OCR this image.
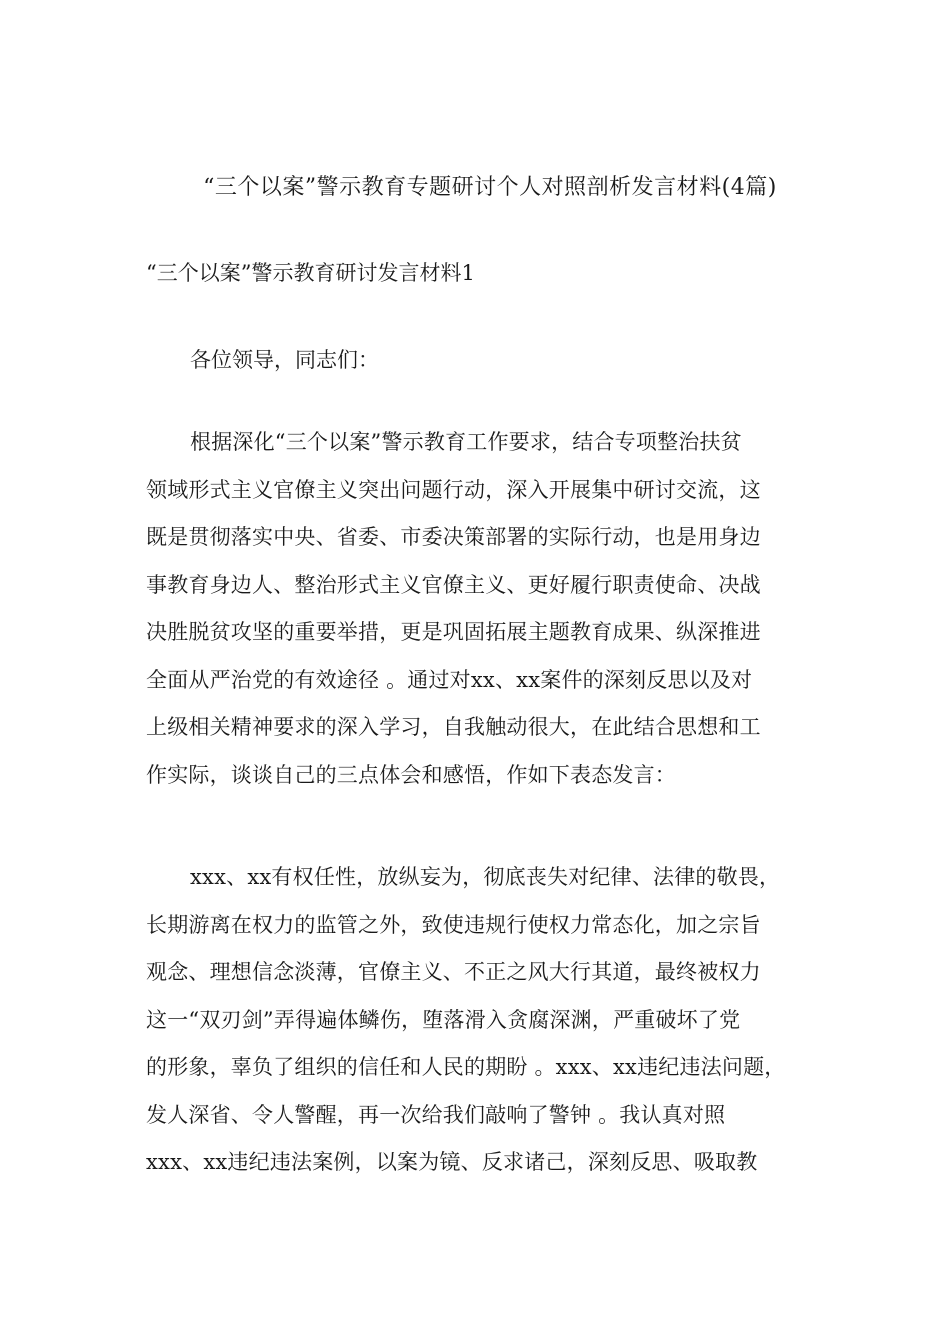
“三个以案”警示教育专题研讨个人对照剖析发言材料(4篇)
“三个以案”警示教育研讨发言材料1

各位领导，同志们：

根据深化“三个以案”警示教育工作要求，结合专项整治扶贫
领域形式主义官僚主义突出问题行动，深入开展集中研讨交流，这
既是贯彻落实中央、省委、市委决策部署的实际行动，也是用身边
事教育身边人、整治形式主义官僚主义、更好履行职责使命、决战
决胜脱贫攻坚的重要举措，更是巩固拓展主题教育成果、纵深推进
全面从严治党的有效途径 。通过对xx、xx案件的深刻反思以及对
上级相关精神要求的深入学习，自我触动很大，在此结合思想和工
作实际，谈谈自己的三点体会和感悟，作如下表态发言：
xxx、xx有权任性，放纵妄为，彻底丧失对纪律、法律的敬畏，
长期游离在权力的监管之外，致使违规行使权力常态化，加之宗旨
观念、理想信念淡薄，官僚主义、不正之风大行其道，最终被权力
这一“双刃剑”弄得遍体鳞伤，堕落滑入贪腐深渊，严重破坏了党
的形象，辜负了组织的信任和人民的期盼 。xxx、xx违纪违法问题，
发人深省、令人警醒，再一次给我们敲响了警钟 。我认真对照
xxx、xx违纪违法案例，以案为镜、反求诸己，深刻反思、吸取教
